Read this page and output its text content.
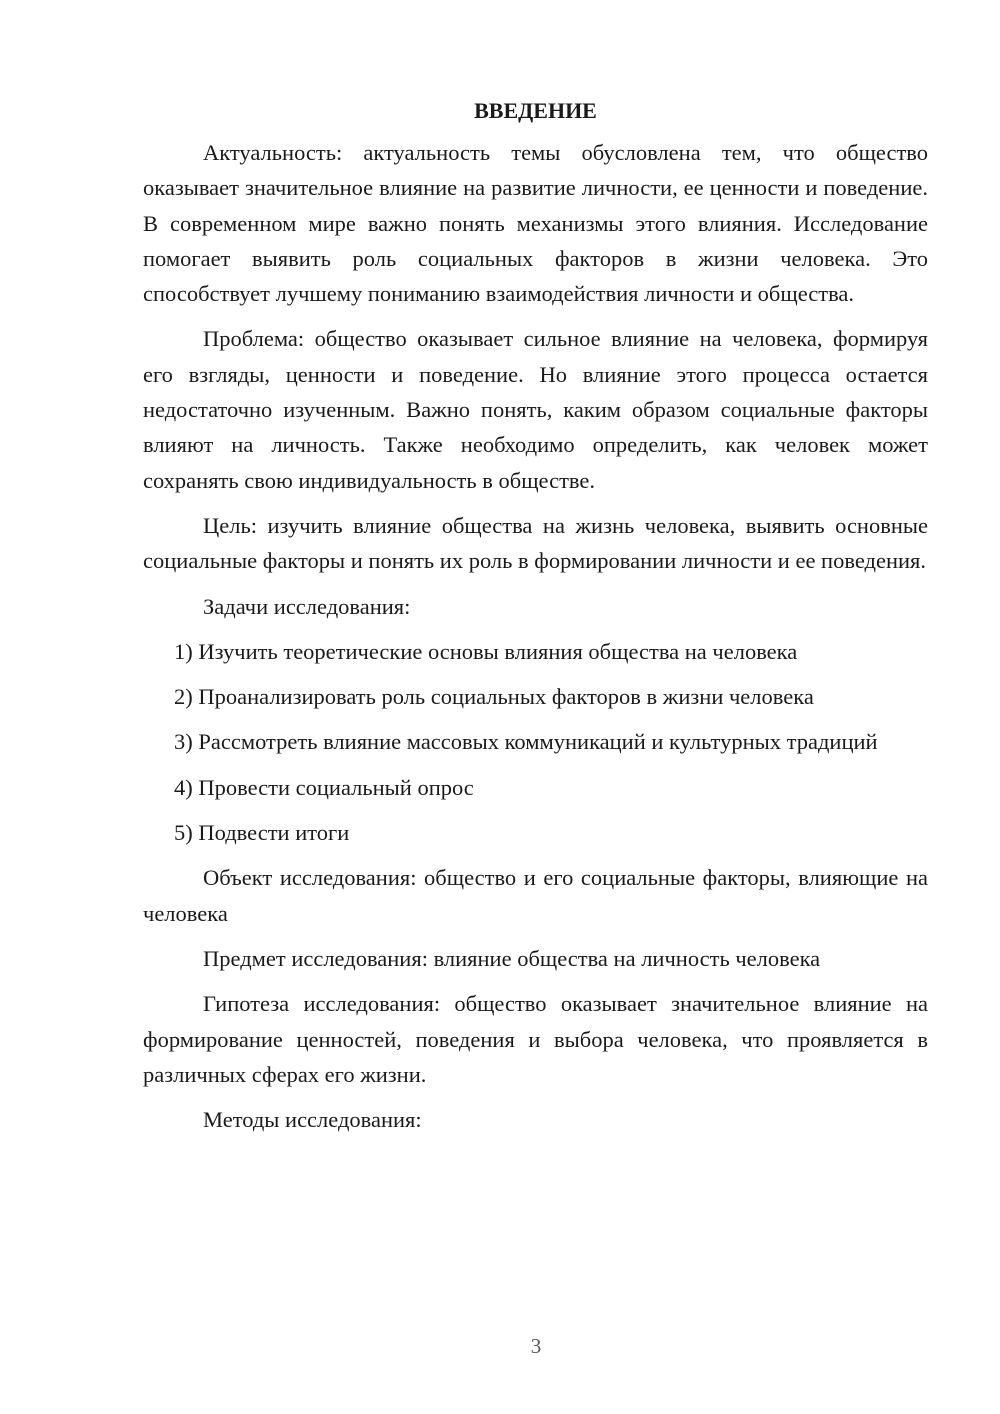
ВВЕДЕНИЕ
Актуальность: актуальность темы обусловлена тем, что общество оказывает значительное влияние на развитие личности, ее ценности и поведение. В современном мире важно понять механизмы этого влияния. Исследование помогает выявить роль социальных факторов в жизни человека. Это способствует лучшему пониманию взаимодействия личности и общества.
Проблема: общество оказывает сильное влияние на человека, формируя его взгляды, ценности и поведение. Но влияние этого процесса остается недостаточно изученным. Важно понять, каким образом социальные факторы влияют на личность. Также необходимо определить, как человек может сохранять свою индивидуальность в обществе.
Цель: изучить влияние общества на жизнь человека, выявить основные социальные факторы и понять их роль в формировании личности и ее поведения.
Задачи исследования:
1) Изучить теоретические основы влияния общества на человека
2) Проанализировать роль социальных факторов в жизни человека
3) Рассмотреть влияние массовых коммуникаций и культурных традиций
4) Провести социальный опрос
5) Подвести итоги
Объект исследования: общество и его социальные факторы, влияющие на человека
Предмет исследования: влияние общества на личность человека
Гипотеза исследования: общество оказывает значительное влияние на формирование ценностей, поведения и выбора человека, что проявляется в различных сферах его жизни.
Методы исследования:
3
